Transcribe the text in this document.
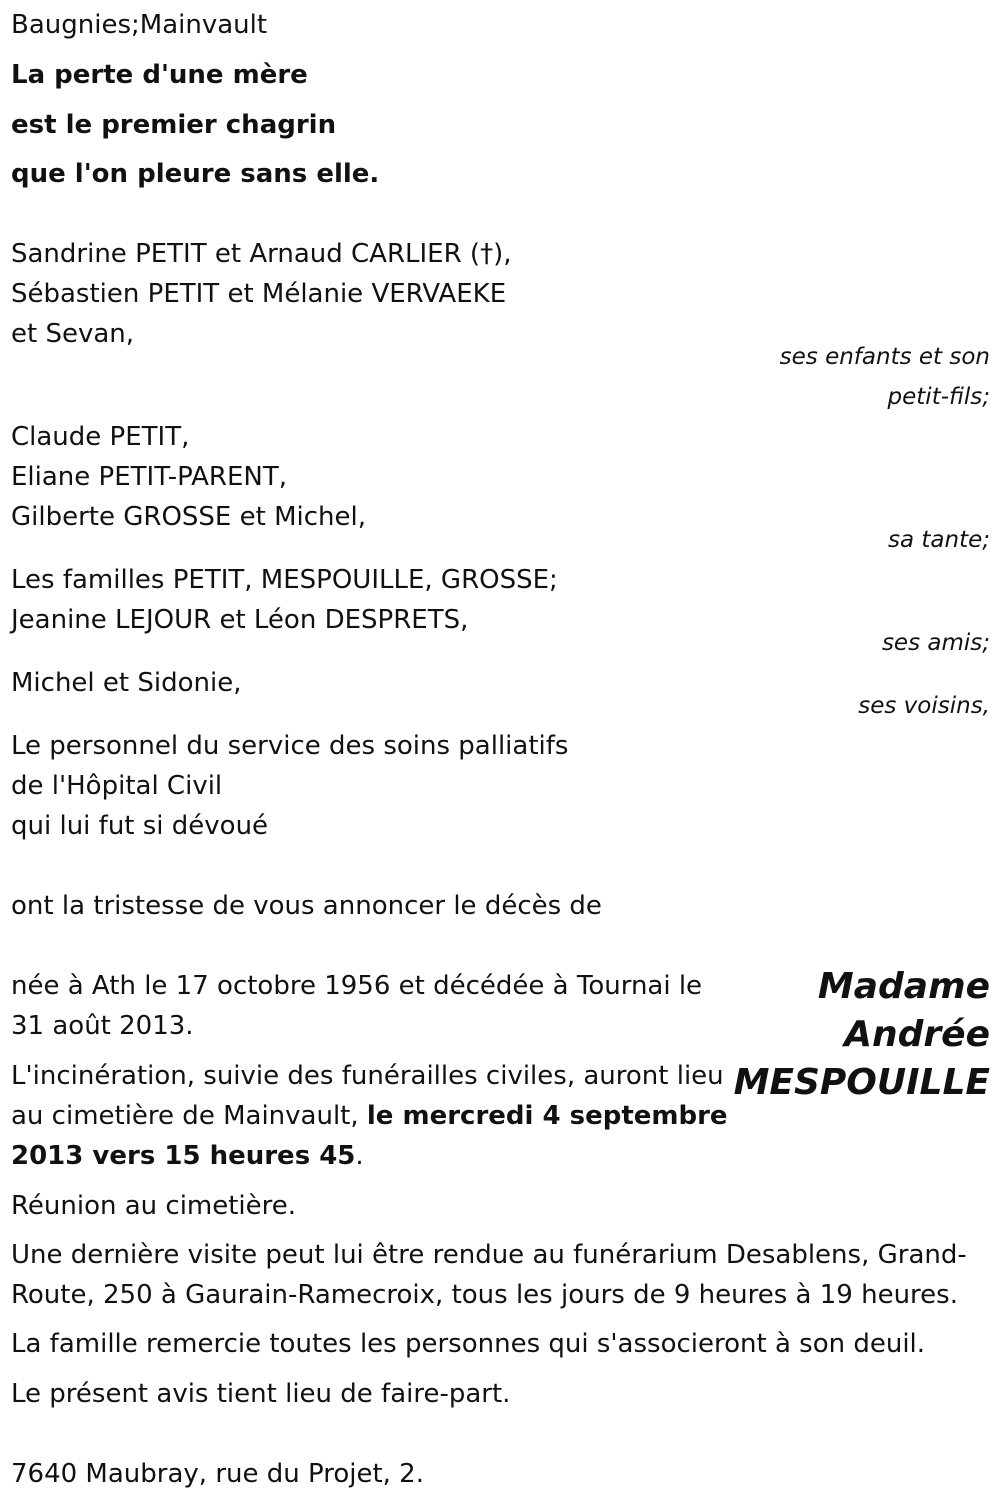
Baugnies;Mainvault
La perte d'une mère
est le premier chagrin
que l'on pleure sans elle.
Sandrine PETIT et Arnaud CARLIER (†),
Sébastien PETIT et Mélanie VERVAEKE
et Sevan,
ses enfants et son
petit-fils;
Claude PETIT,
Eliane PETIT-PARENT,
Gilberte GROSSE et Michel,
sa tante;
Les familles PETIT, MESPOUILLE, GROSSE;
Jeanine LEJOUR et Léon DESPRETS,
ses amis;
Michel et Sidonie,
ses voisins,
Le personnel du service des soins palliatifs
de l'Hôpital Civil
qui lui fut si dévoué
ont la tristesse de vous annoncer le décès de
Madame
Andrée
MESPOUILLE
née à Ath le 17 octobre 1956 et décédée à Tournai le
31 août 2013.
L'incinération, suivie des funérailles civiles, auront lieu
au cimetière de Mainvault, le mercredi 4 septembre
2013 vers 15 heures 45.
Réunion au cimetière.
Une dernière visite peut lui être rendue au funérarium Desablens, Grand-
Route, 250 à Gaurain-Ramecroix, tous les jours de 9 heures à 19 heures.
La famille remercie toutes les personnes qui s'associeront à son deuil.
Le présent avis tient lieu de faire-part.
7640 Maubray, rue du Projet, 2.
